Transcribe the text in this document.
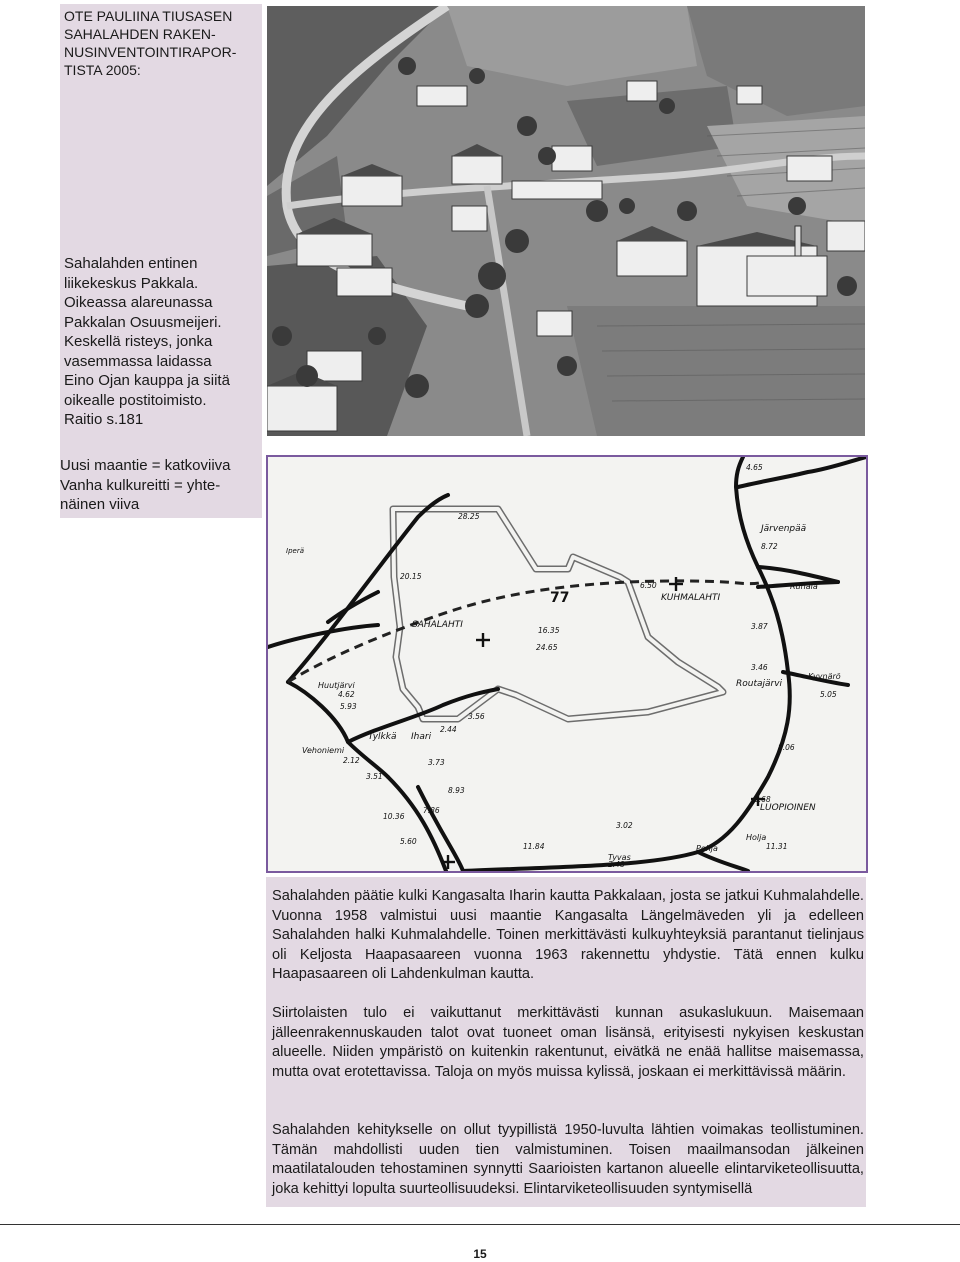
OTE PAULIINA TIUSASEN
SAHALAHDEN RAKEN-
NUSINVENTOINTIRAPOR-
TISTA 2005:
Sahalahden entinen
liikekeskus Pakkala.
Oikeassa alareunassa
Pakkalan Osuusmeijeri.
Keskellä risteys, jonka
vasemmassa laidassa
Eino Ojan kauppa ja siitä
oikealle postitoimisto.
Raitio s.181
Uusi maantie = katkoviiva
Vanha kulkureitti = yhte-
näinen viiva
SAHALAHTI
KUHMALAHTI
Tylkkä Ihari
Routajärvi
LUOPIOINEN
Järvenpää
Vehoniemi
Ruhala
Pohja
Kyynärö
Huutjärvi
Iperä
Tyvas
Holja
77
4.65
28.25
20.15
8.72
6.50
16.35
24.65
3.87
3.46
5.05
3.56
5.93
4.62
2.12
3.51
8.93
7.86
10.36
5.60
11.84
3.02
2.48
11.31
8.06
3.68
2.44
3.73

Sahalahden päätie kulki Kangasalta Iharin kautta Pakkalaan, josta se jatkui Kuhmalahdelle. Vuonna 1958 valmistui uusi maantie Kangasalta Längelmäveden yli ja edelleen Sahalahden halki Kuhmalahdelle. Toinen merkittävästi kulkuyhteyksiä parantanut tielinjaus oli Keljosta Haapasaareen vuonna 1963 rakennettu yhdystie. Tätä ennen kulku Haapasaareen oli Lahdenkulman kautta.

Siirtolaisten tulo ei vaikuttanut merkittävästi kunnan asukaslukuun. Maisemaan jälleenrakennuskauden talot ovat tuoneet oman lisänsä, erityisesti nykyisen keskustan alueelle. Niiden ympäristö on kuitenkin rakentunut, eivätkä ne enää hallitse maisemassa, mutta ovat erotettavissa. Taloja on myös muissa kylissä, joskaan ei merkittävissä määrin.

Sahalahden kehitykselle on ollut tyypillistä 1950-luvulta lähtien voimakas teollistuminen. Tämän mahdollisti uuden tien valmistuminen. Toisen maailmansodan jälkeinen maatilatalouden tehostaminen synnytti Saarioisten kartanon alueelle elintarviketeollisuutta, joka kehittyi lopulta suurteollisuudeksi. Elintarviketeollisuuden syntymisellä

15
